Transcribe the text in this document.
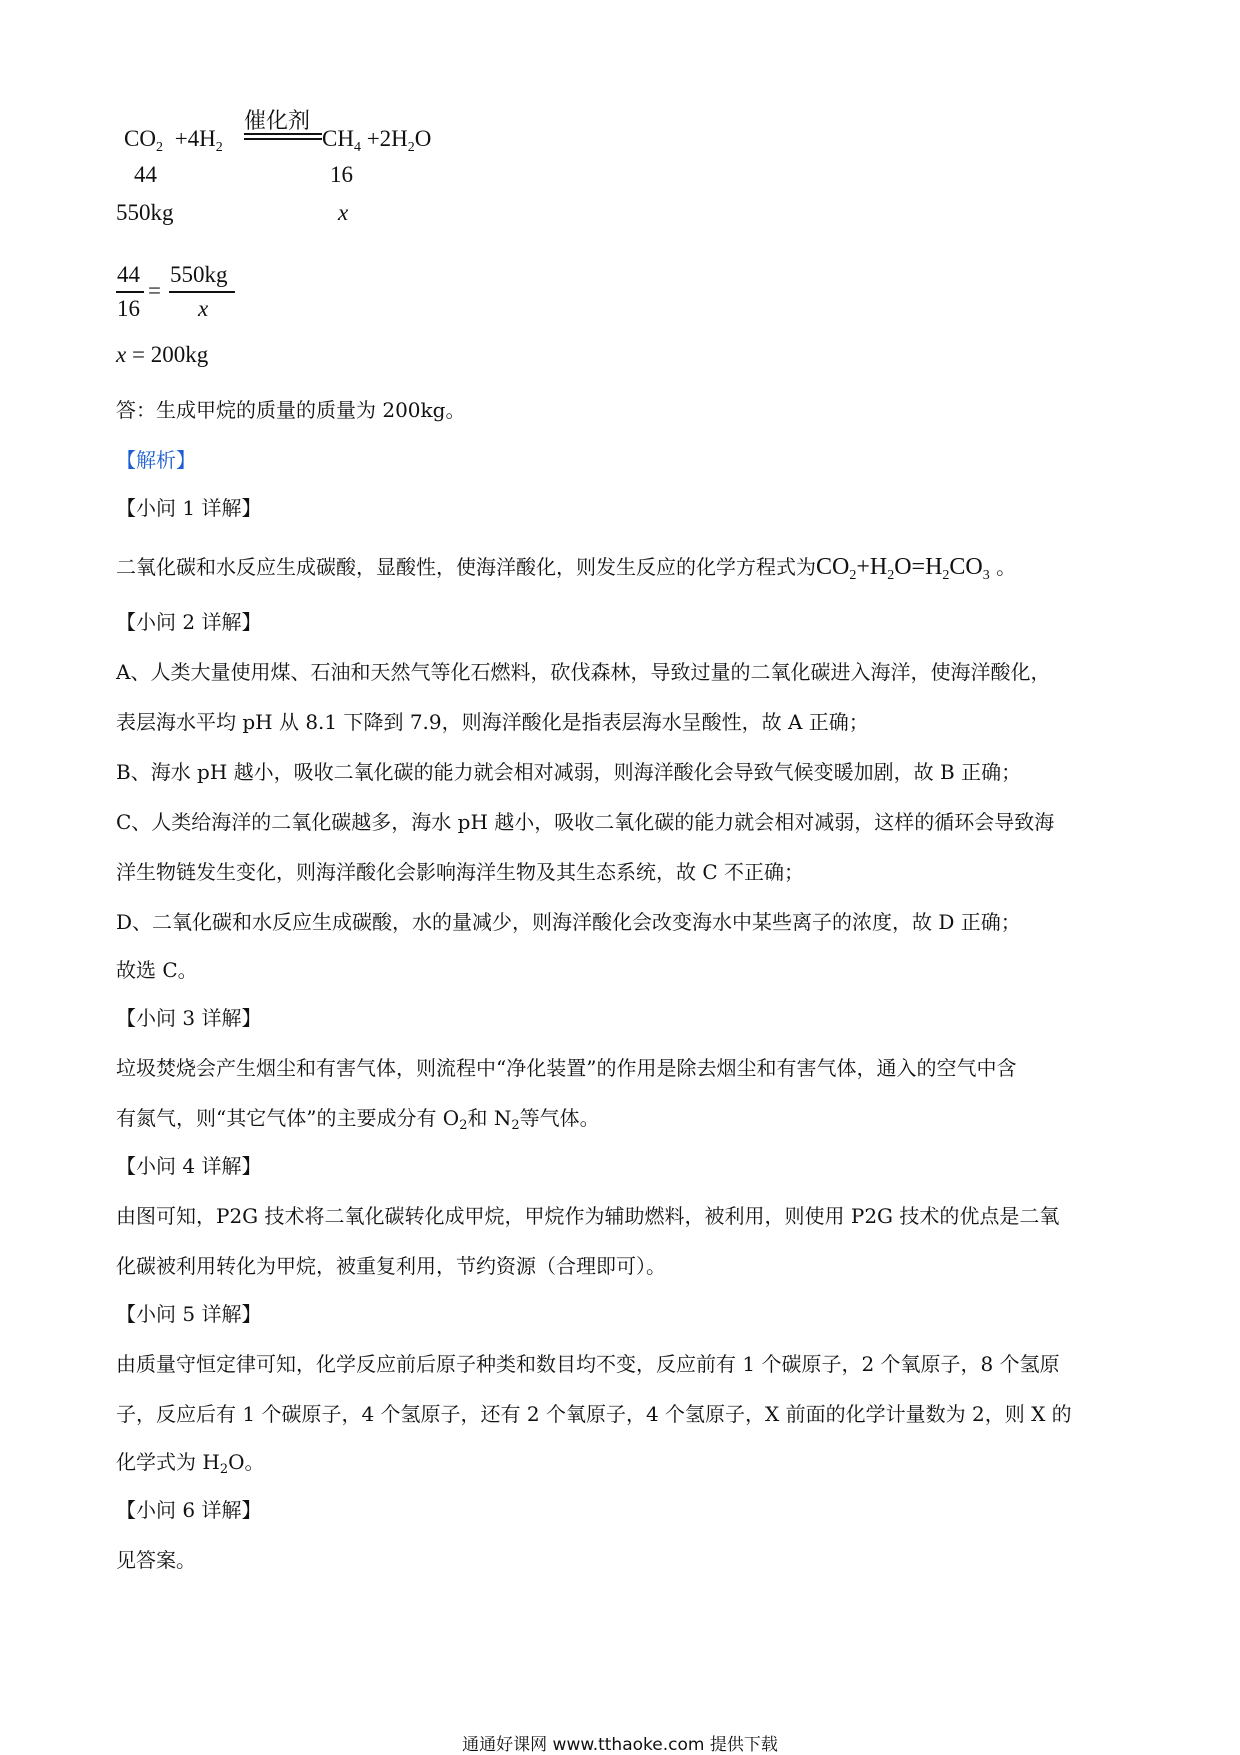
催化剂
$CO_2 +4H_2$	$CH_4 +2H_2O$
44	16
550kg	x
44
16
=
550kg
x
x = 200kg
答：生成甲烷的质量的质量为 200kg。
【解析】
【小问 1 详解】
二氧化碳和水反应生成碳酸，显酸性，使海洋酸化，则发生反应的化学方程式为$CO_2+H_2O=H_2CO_3$ 。
【小问 2 详解】
A、人类大量使用煤、石油和天然气等化石燃料，砍伐森林，导致过量的二氧化碳进入海洋，使海洋酸化，
表层海水平均 pH 从 8.1 下降到 7.9，则海洋酸化是指表层海水呈酸性，故 A 正确；
B、海水 pH 越小，吸收二氧化碳的能力就会相对减弱，则海洋酸化会导致气候变暖加剧，故 B 正确；
C、人类给海洋的二氧化碳越多，海水 pH 越小，吸收二氧化碳的能力就会相对减弱，这样的循环会导致海
洋生物链发生变化，则海洋酸化会影响海洋生物及其生态系统，故 C 不正确；
D、二氧化碳和水反应生成碳酸，水的量减少，则海洋酸化会改变海水中某些离子的浓度，故 D 正确；
故选 C。
【小问 3 详解】
垃圾焚烧会产生烟尘和有害气体，则流程中“净化装置”的作用是除去烟尘和有害气体，通入的空气中含
有氮气，则“其它气体”的主要成分有 $O_2$和 $N_2$等气体。
【小问 4 详解】
由图可知，P2G 技术将二氧化碳转化成甲烷，甲烷作为辅助燃料，被利用，则使用 P2G 技术的优点是二氧
化碳被利用转化为甲烷，被重复利用，节约资源（合理即可）。
【小问 5 详解】
由质量守恒定律可知，化学反应前后原子种类和数目均不变，反应前有 1 个碳原子，2 个氧原子，8 个氢原
子，反应后有 1 个碳原子，4 个氢原子，还有 2 个氧原子，4 个氢原子，X 前面的化学计量数为 2，则 X 的
化学式为 $H_2O$。
【小问 6 详解】
见答案。
通通好课网 www.tthaoke.com 提供下载
